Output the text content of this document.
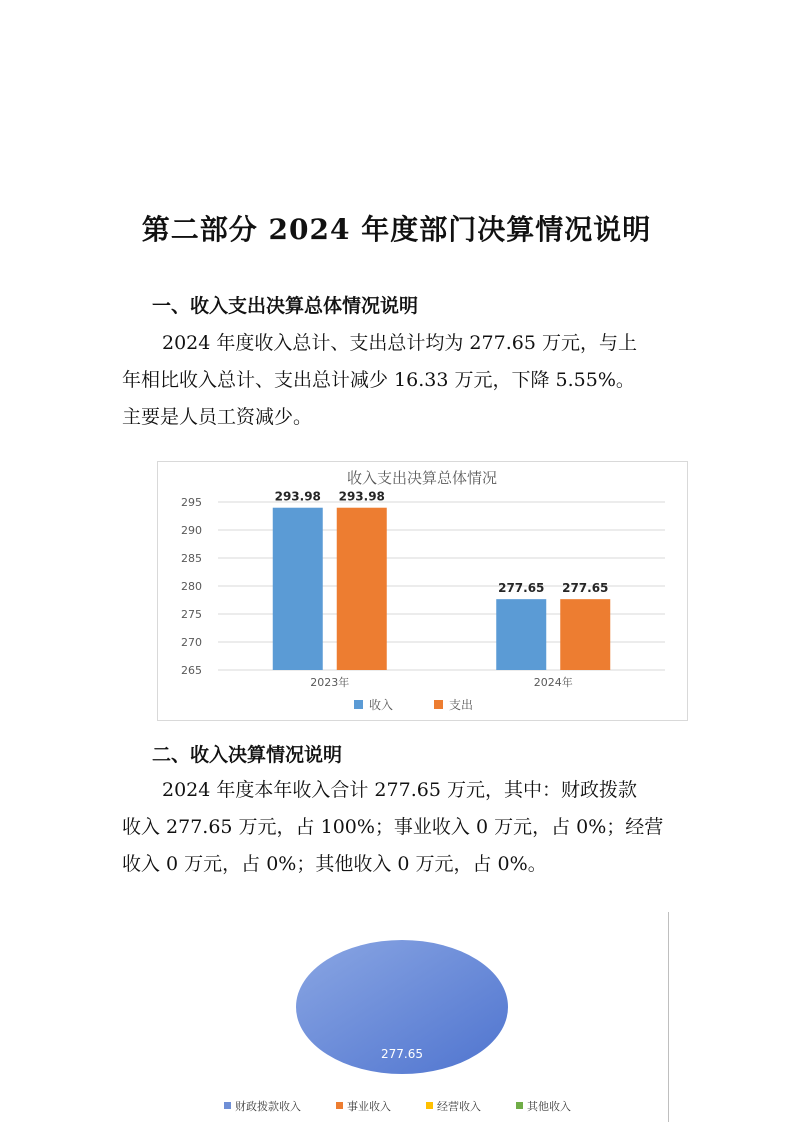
第二部分 2024 年度部门决算情况说明
一、收入支出决算总体情况说明
2024 年度收入总计、支出总计均为 277.65 万元，与上
年相比收入总计、支出总计减少 16.33 万元，下降 5.55%。
主要是人员工资减少。
收入支出决算总体情况
265
270
275
280
285
290
295	293.98 293.98
2023年
277.65 277.65
2024年
收入	支出
二、收入决算情况说明
2024 年度本年收入合计 277.65 万元，其中：财政拨款
收入 277.65 万元，占 100%；事业收入 0 万元，占 0%；经营
收入 0 万元，占 0%；其他收入 0 万元，占 0%。
277.65
财政拨款收入	事业收入	经营收入	其他收入
